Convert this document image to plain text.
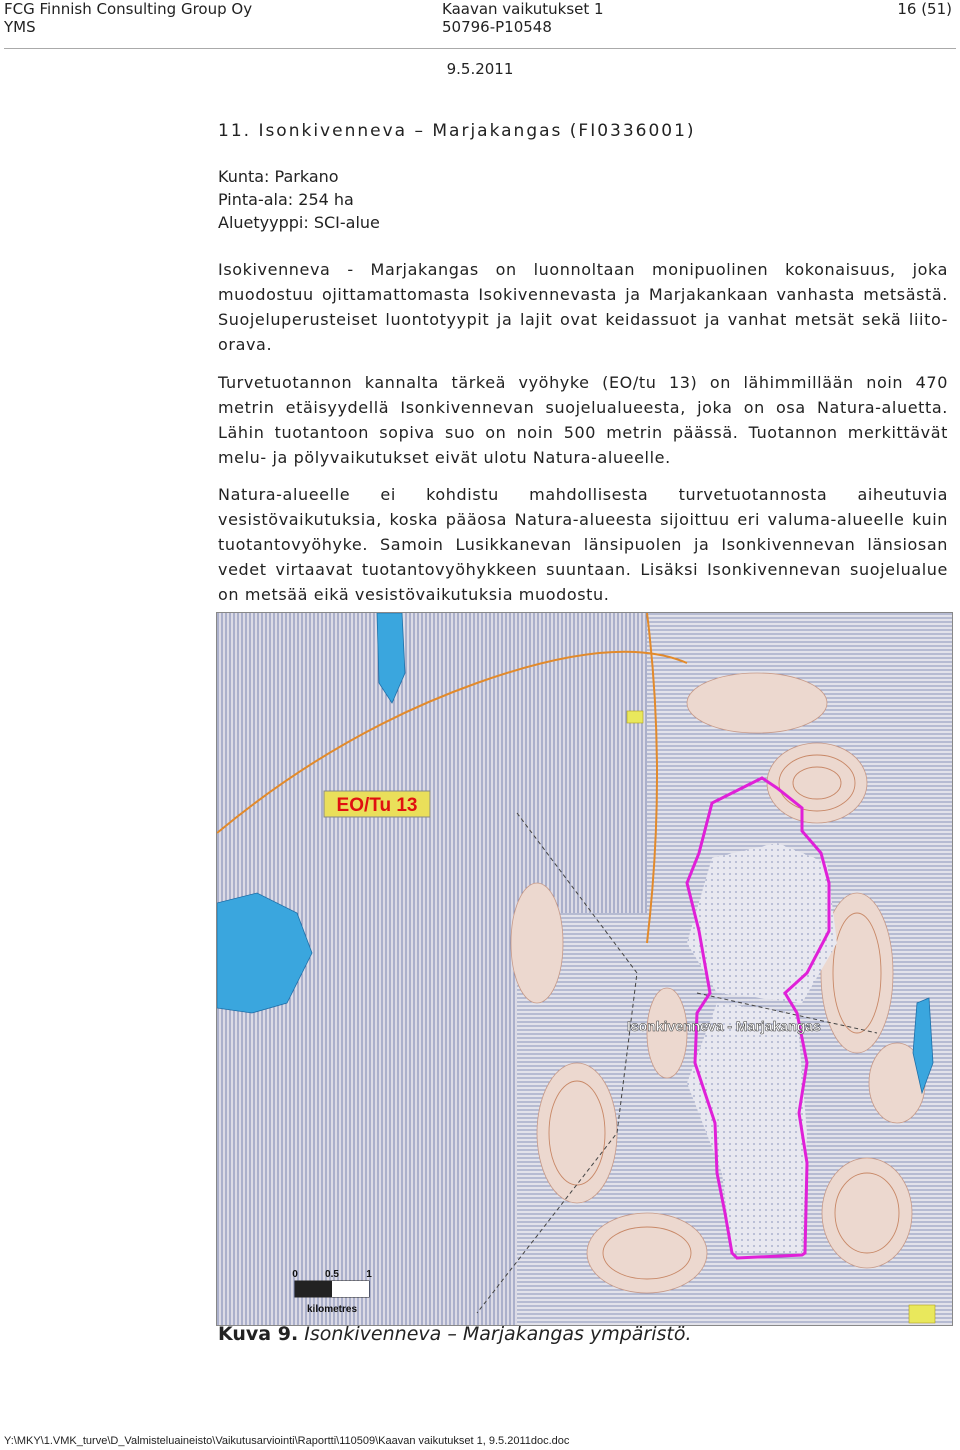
FCG Finnish Consulting Group Oy
YMS
Kaavan vaikutukset 1
50796-P10548
16 (51)
9.5.2011
11. Isonkivenneva – Marjakangas (FI0336001)
Kunta: Parkano
Pinta-ala: 254 ha
Aluetyyppi: SCI-alue

Isokivenneva - Marjakangas on luonnoltaan monipuolinen kokonaisuus, joka muodostuu ojittamattomasta Isokivennevasta ja Marjakankaan vanhasta metsästä. Suojeluperusteiset luontotyypit ja lajit ovat keidassuot ja vanhat metsät sekä liito-orava.

Turvetuotannon kannalta tärkeä vyöhyke (EO/tu 13) on lähimmillään noin 470 metrin etäisyydellä Isonkivennevan suojelualueesta, joka on osa Natura-aluetta. Lähin tuotantoon sopiva suo on noin 500 metrin päässä. Tuotannon merkittävät melu- ja pölyvaikutukset eivät ulotu Natura-alueelle.

Natura-alueelle ei kohdistu mahdollisesta turvetuotannosta aiheutuvia vesistövaikutuksia, koska pääosa Natura-alueesta sijoittuu eri valuma-alueelle kuin tuotantovyöhyke. Samoin Lusikkanevan länsipuolen ja Isonkivennevan länsiosan vedet virtaavat tuotantovyöhykkeen suuntaan. Lisäksi Isonkivennevan suojelualue on metsää eikä vesistövaikutuksia muodostu.

EO/Tu 13
Isonkivenneva - Marjakangas
0	0.5	1
kilometres
Kuva 9. Isonkivenneva – Marjakangas ympäristö.
Y:\MKY\1.VMK_turve\D_Valmisteluaineisto\Vaikutusarviointi\Raportti\110509\Kaavan vaikutukset 1, 9.5.2011doc.doc
